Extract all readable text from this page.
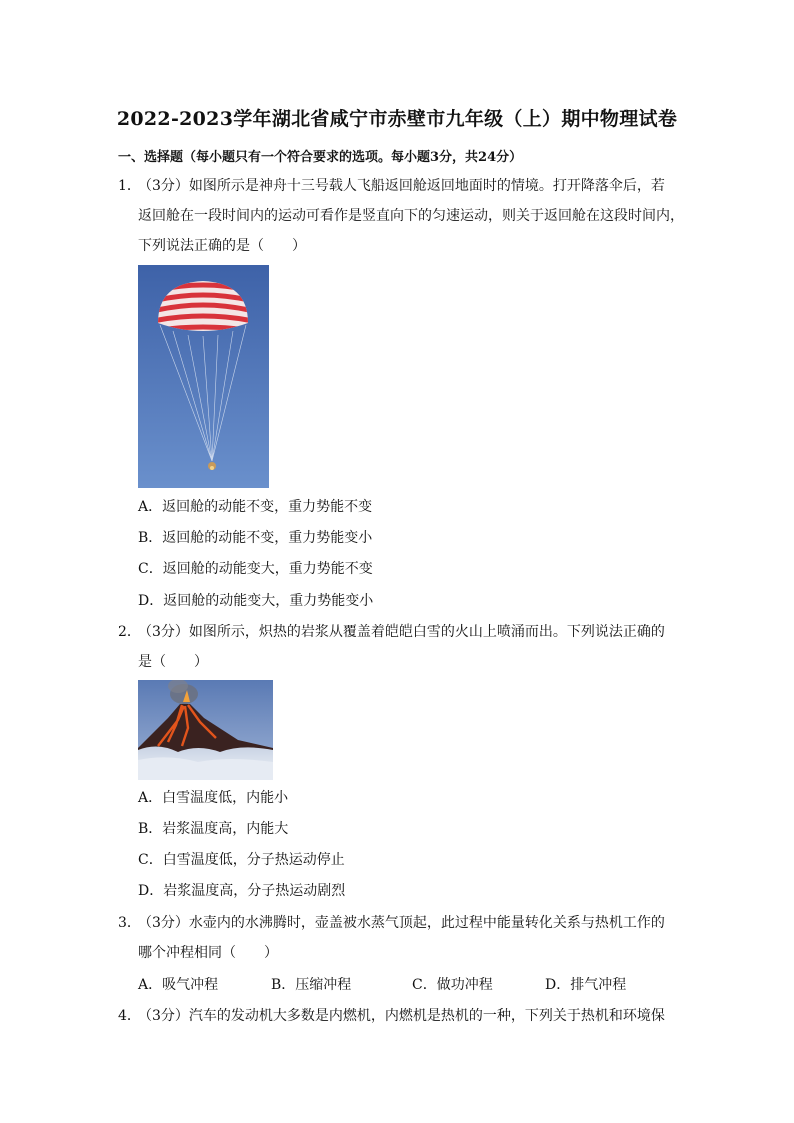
2022-2023学年湖北省咸宁市赤壁市九年级（上）期中物理试卷
一、选择题（每小题只有一个符合要求的选项。每小题3分，共24分）
1．（3分）如图所示是神舟十三号载人飞船返回舱返回地面时的情境。打开降落伞后，若
返回舱在一段时间内的运动可看作是竖直向下的匀速运动，则关于返回舱在这段时间内，
下列说法正确的是（　　）
A．返回舱的动能不变，重力势能不变
B．返回舱的动能不变，重力势能变小
C．返回舱的动能变大，重力势能不变
D．返回舱的动能变大，重力势能变小
2．（3分）如图所示，炽热的岩浆从覆盖着皑皑白雪的火山上喷涌而出。下列说法正确的
是（　　）
A．白雪温度低，内能小
B．岩浆温度高，内能大
C．白雪温度低，分子热运动停止
D．岩浆温度高，分子热运动剧烈
3．（3分）水壶内的水沸腾时，壶盖被水蒸气顶起，此过程中能量转化关系与热机工作的
哪个冲程相同（　　）
A．吸气冲程	B．压缩冲程	C．做功冲程	D．排气冲程
4．（3分）汽车的发动机大多数是内燃机，内燃机是热机的一种，下列关于热机和环境保
